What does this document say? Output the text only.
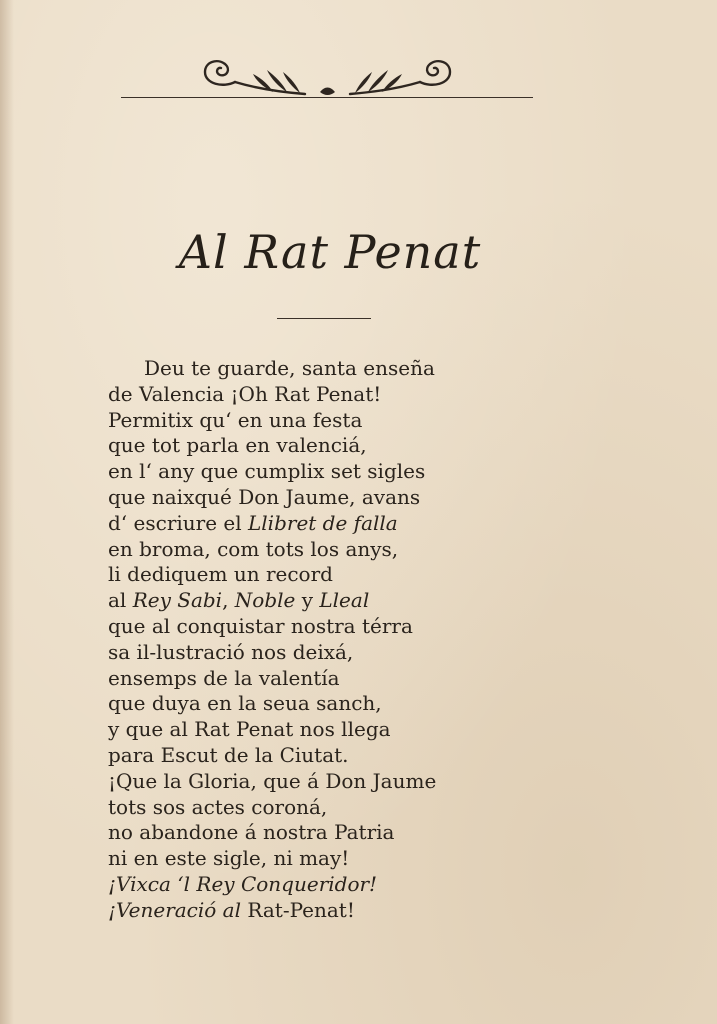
Al Rat Penat
Deu te guarde, santa enseña
de Valencia ¡Oh Rat Penat!
Permitix qu‘ en una festa
que tot parla en valenciá,
en l‘ any que cumplix set sigles
que naixqué Don Jaume, avans
d‘ escriure el Llibret de falla
en broma, com tots los anys,
li dediquem un record
al Rey Sabi, Noble y Lleal
que al conquistar nostra térra
sa il-lustració nos deixá,
ensemps de la valentía
que duya en la seua sanch,
y que al Rat Penat nos llega
para Escut de la Ciutat.
¡Que la Gloria, que á Don Jaume
tots sos actes coroná,
no abandone á nostra Patria
ni en este sigle, ni may!
¡Vixca ‘l Rey Conqueridor!
¡Veneració al Rat-Penat!
